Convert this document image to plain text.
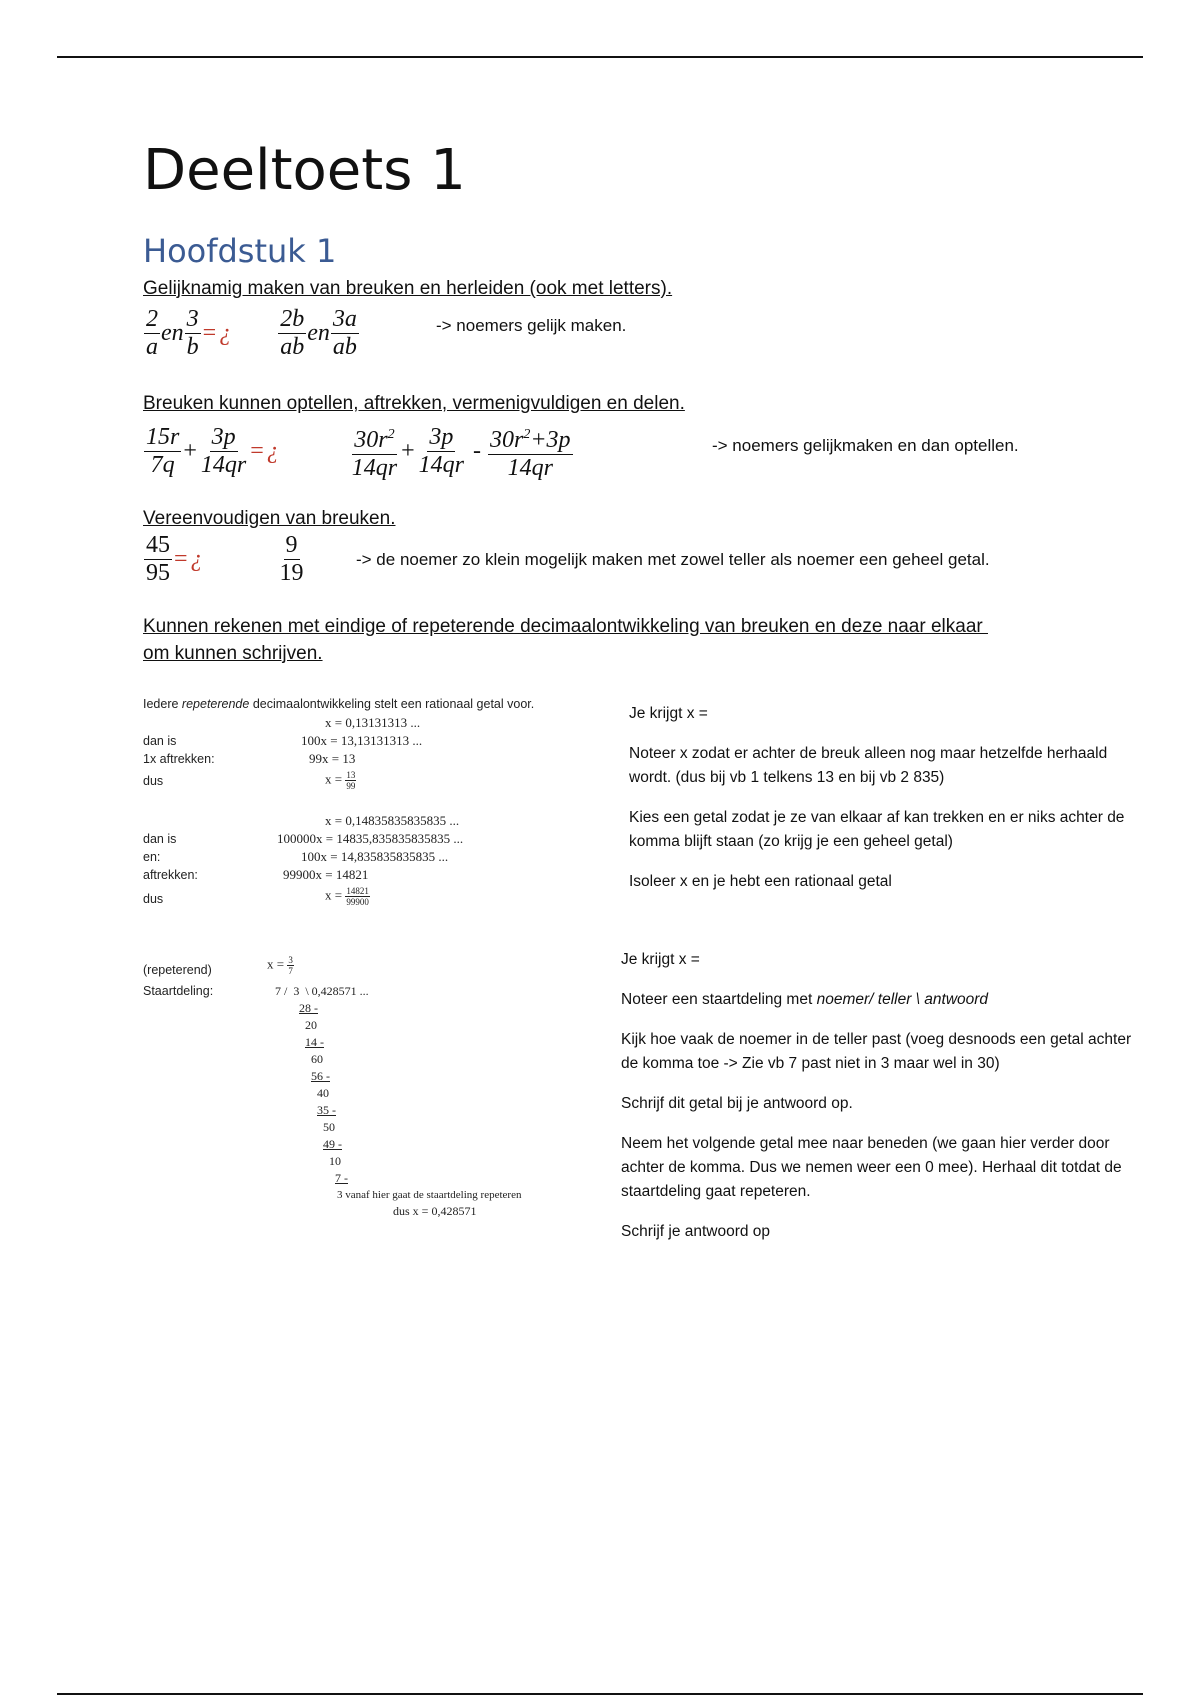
Deeltoets 1
Hoofdstuk 1

Gelijknamig maken van breuken en herleiden (ook met letters).

$\frac{2}{a}$ en $\frac{3}{b}$ = ¿ $\frac{2b}{ab}$ en $\frac{3a}{ab}$	-> noemers gelijk maken.

Breuken kunnen optellen, aftrekken, vermenigvuldigen en delen.

$\frac{15r}{7q} + \frac{3p}{14qr}$ = ¿	$\frac{30r^2}{14qr} + \frac{3p}{14qr} - \frac{30r^2+3p}{14qr}$	-> noemers gelijkmaken en dan optellen.

Vereenvoudigen van breuken.

$\frac{45}{95}$ = ¿	$\frac{9}{19}$	-> de noemer zo klein mogelijk maken met zowel teller als noemer een geheel getal.

Kunnen rekenen met eindige of repeterende decimaalontwikkeling van breuken en deze naar elkaar

om kunnen schrijven.

Iedere repeterende decimaalontwikkeling stelt een rationaal getal voor.
x = 0,13131313 ...
dan is	100x = 13,13131313 ...
1x aftrekken:	99x = 13
dus	$x = \frac{13}{99}$
x = 0,14835835835835 ...
dan is	100000x = 14835,835835835835 ...
en:	100x = 14,835835835835 ...
aftrekken:	99900x = 14821
dus	$x = \frac{14821}{99900}$

Je krijgt x =

Noteer x zodat er achter de breuk alleen nog maar hetzelfde herhaald wordt. (dus bij vb 1 telkens 13 en bij vb 2 835)

Kies een getal zodat je ze van elkaar af kan trekken en er niks achter de komma blijft staan (zo krijg je een geheel getal)

Isoleer x en je hebt een rationaal getal

(repeterend)	$x = \frac{3}{7}$
Staartdeling:	7 /  3  \ 0,428571 ...
28 -
20
14 -
60
56 -
40
35 -
50
49 -
10
7 -
3 vanaf hier gaat de staartdeling repeteren
dus x = 0,428571

Je krijgt x =

Noteer een staartdeling met noemer/ teller \ antwoord

Kijk hoe vaak de noemer in de teller past (voeg desnoods een getal achter de komma toe -> Zie vb 7 past niet in 3 maar wel in 30)

Schrijf dit getal bij je antwoord op.

Neem het volgende getal mee naar beneden (we gaan hier verder door achter de komma. Dus we nemen weer een 0 mee). Herhaal dit totdat de staartdeling gaat repeteren.

Schrijf je antwoord op
